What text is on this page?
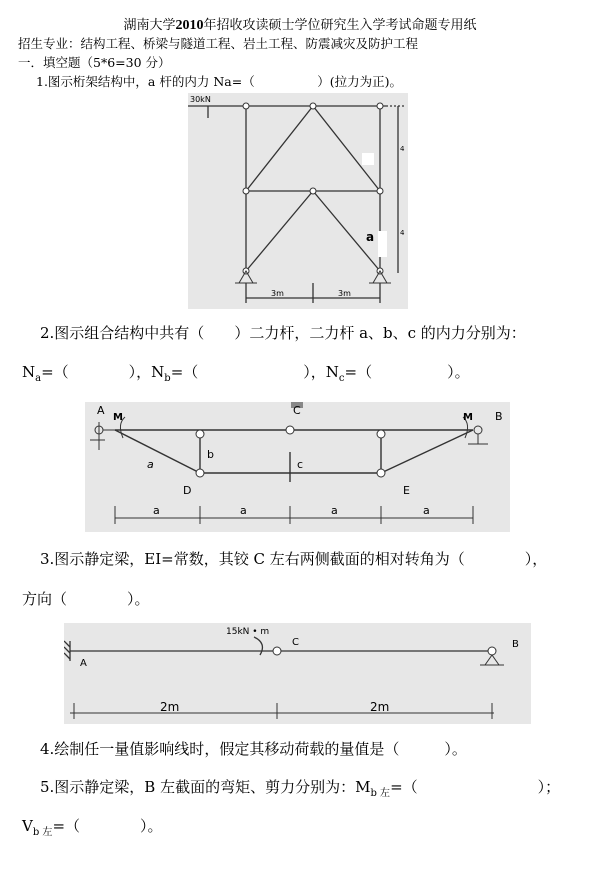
湖南大学2010年招收攻读硕士学位研究生入学考试命题专用纸
招生专业：结构工程、桥梁与隧道工程、岩土工程、防震减灾及防护工程
一．填空题（5*6=30 分）
1.图示桁架结构中，a 杆的内力 Na=（　　　　　）(拉力为正)。
30kN
a
3m	3m
4
4
2.图示组合结构中共有（　　）二力杆，二力杆 a、b、c 的内力分别为：
$N_a=$（　　　　），$N_b=$（　　　　　　　），$N_c=$（　　　　　）。
A
M
C
M B
D	E
a
b
c
a	a	a	a
3.图示静定梁，EI=常数，其铰 C 左右两侧截面的相对转角为（　　　　），
方向（　　　　）。
15kN • m
C
A
B
2m	2m
4.绘制任一量值影响线时，假定其移动荷载的量值是（　　　）。
5.图示静定梁，B 左截面的弯矩、剪力分别为：$M_{b 左}=$（　　　　　　　　）；
$V_{b 左}=$（　　　　）。
